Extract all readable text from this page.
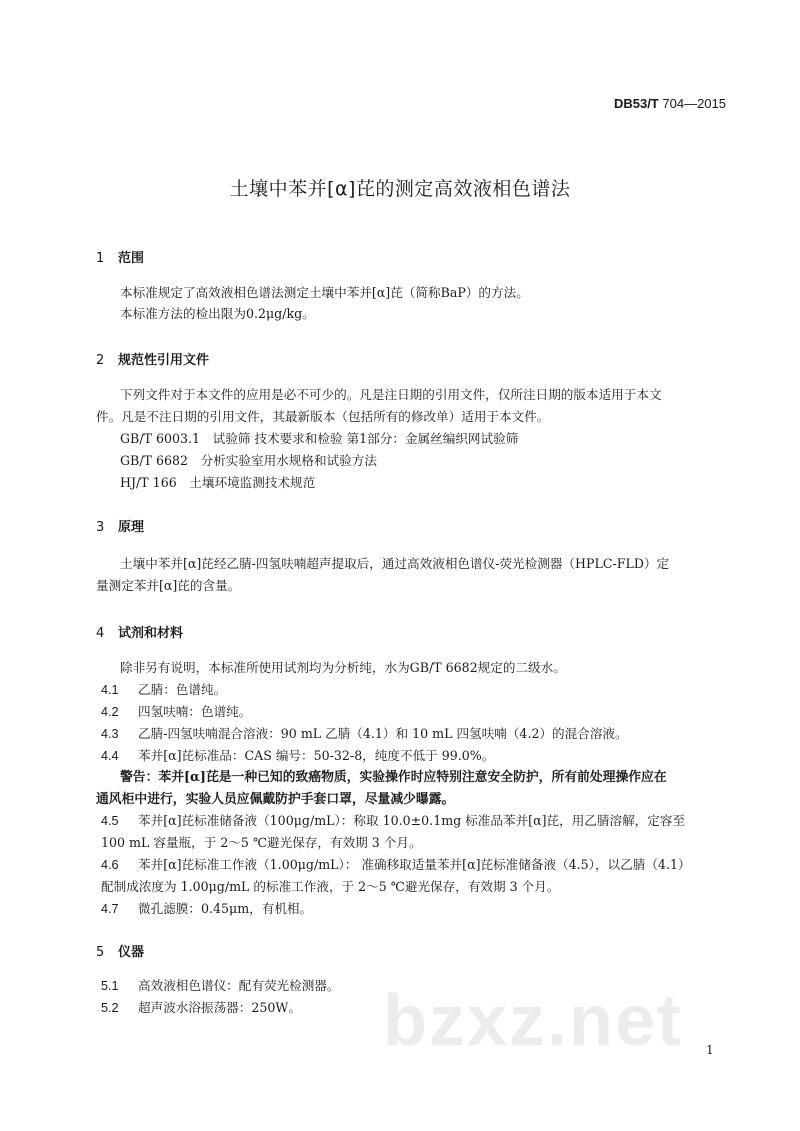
DB53/T 704—2015
土壤中苯并[α]芘的测定高效液相色谱法
1 范围
本标准规定了高效液相色谱法测定土壤中苯并[α]芘（简称BaP）的方法。
本标准方法的检出限为0.2μg/kg。
2 规范性引用文件
下列文件对于本文件的应用是必不可少的。凡是注日期的引用文件，仅所注日期的版本适用于本文
件。凡是不注日期的引用文件，其最新版本（包括所有的修改单）适用于本文件。
GB/T 6003.1　试验筛 技术要求和检验 第1部分：金属丝编织网试验筛
GB/T 6682　分析实验室用水规格和试验方法
HJ/T 166　土壤环境监测技术规范
3 原理
土壤中苯并[α]芘经乙腈-四氢呋喃超声提取后，通过高效液相色谱仪-荧光检测器（HPLC-FLD）定
量测定苯并[α]芘的含量。
4 试剂和材料
除非另有说明，本标准所使用试剂均为分析纯，水为GB/T 6682规定的二级水。
4.1 乙腈：色谱纯。
4.2 四氢呋喃：色谱纯。
4.3 乙腈-四氢呋喃混合溶液：90 mL 乙腈（4.1）和 10 mL 四氢呋喃（4.2）的混合溶液。
4.4 苯并[α]芘标准品：CAS 编号：50-32-8，纯度不低于 99.0%。
警告：苯并[α]芘是一种已知的致癌物质，实验操作时应特别注意安全防护，所有前处理操作应在
通风柜中进行，实验人员应佩戴防护手套口罩，尽量减少曝露。
4.5 苯并[α]芘标准储备液（100μg/mL）：称取 10.0±0.1mg 标准品苯并[α]芘，用乙腈溶解，定容至
100 mL 容量瓶，于 2～5 ℃避光保存，有效期 3 个月。
4.6 苯并[α]芘标准工作液（1.00μg/mL）： 准确移取适量苯并[α]芘标准储备液（4.5），以乙腈（4.1）
配制成浓度为 1.00μg/mL 的标准工作液，于 2～5 ℃避光保存，有效期 3 个月。
4.7 微孔滤膜：0.45μm，有机相。
5 仪器
5.1 高效液相色谱仪：配有荧光检测器。
5.2 超声波水浴振荡器：250W。 bzxz.net 1
